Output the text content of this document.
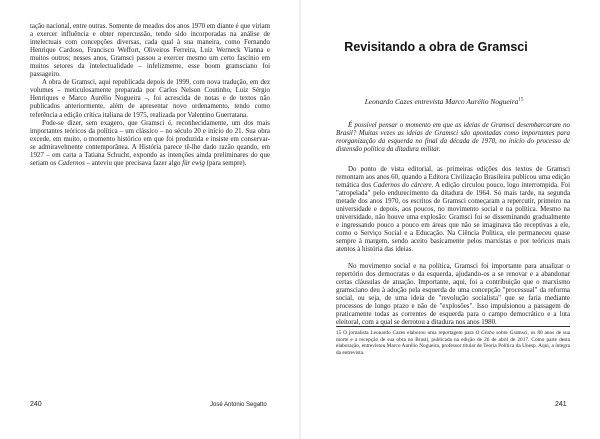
tação nacional, entre outras. Somente de meados dos anos 1970 em diante é que viriam a exercer influência e obter repercussão, tendo sido incorporadas na análise de intelectuais com concepções diversas, cada qual à sua maneira, como Fernando Henrique Cardoso, Francisco Weffort, Oliveiros Ferreira, Luiz Werneck Vianna e muitos outros; nesses anos, Gramsci passou a exercer mesmo um certo fascínio em muitos setores da intelectualidade – infelizmente, esse boom gramsciano foi passageiro.

A obra de Gramsci, aqui republicada depois de 1999, com nova tradução, em dez volumes – meticulosamente preparada por Carlos Nelson Coutinho, Luiz Sérgio Henriques e Marco Aurélio Nogueira –, foi acrescida de notas e de textos não publicados anteriormente, além de apresentar novo ordenamento, tendo como referência a edição crítica italiana de 1975, realizada por Valentino Guerratana.

Pode-se dizer, sem exagero, que Gramsci é, reconhecidamente, um dos mais importantes teóricos da política – um clássico – no século 20 e início do 21. Sua obra excede, em muito, o momento histórico em que foi produzida e insiste em conservar-se admiravelmente contemporânea. A História parece tê-lhe dado razão quando, em 1927 – em carta a Tatiana Schucht, expondo as intenções ainda preliminares do que seriam os Cadernos – anteviu que precisava fazer algo für ewig (para sempre).

240	José Antonio Segatto
Revisitando a obra de Gramsci
Leonardo Cazes entrevista Marco Aurélio Nogueira$^{15}$

É possível pensar o momento em que as ideias de Gramsci desembarcaram no Brasil? Muitas vezes as ideias de Gramsci são apontadas como importantes para reorganização da esquerda no final da década de 1970, no início do processo de distensão política da ditadura militar.

Do ponto de vista editorial, as primeiras edições dos textos de Gramsci remontam aos anos 60, quando a Editora Civilização Brasileira publicou uma edição temática dos Cadernos do cárcere. A edição circulou pouco, logo interrompida. Foi "atropelada" pelo endurecimento da ditadura de 1964. Só mais tarde, na segunda metade dos anos 1970, os escritos de Gramsci começaram a repercutir, primeiro na universidade e depois, aos poucos, no movimento social e na política. Mesmo na universidade, não houve uma explosão: Gramsci foi se disseminando gradualmente e ingressando pouco a pouco em áreas que não se imaginava tão receptivas a ele, como o Serviço Social e a Educação. Na Ciência Política, ele permaneceu quase sempre à margem, sendo aceito basicamente pelos marxistas e por teóricos mais atentos à história das ideias.

No movimento social e na política, Gramsci foi importante para atualizar o repertório dos democratas e da esquerda, ajudando-os a se renovar e a abandonar certas cláusulas de atuação. Importante, aqui, foi a contribuição que o marxismo gramsciano deu à adoção pela esquerda de uma concepção "processual" da reforma social, ou seja, de uma ideia de "revolução socialista" que se faria mediante processos de longo prazo e não de "explosões". Isso impulsionou a passagem de praticamente todas as correntes de esquerda para o campo democrático e a luta eleitoral, com a qual se derrotou a ditadura nos anos 1980.

15 O jornalista Leonardo Cazes elaborou uma reportagem para O Globo sobre Gramsci, os 80 anos de sua morte e a recepção de sua obra no Brasil, publicada na edição de 26 de abril de 2017. Como parte desta elaboração, entrevistou Marco Aurélio Nogueira, professor titular de Teoria Política da Unesp. Aqui, a íntegra da entrevista.
241
